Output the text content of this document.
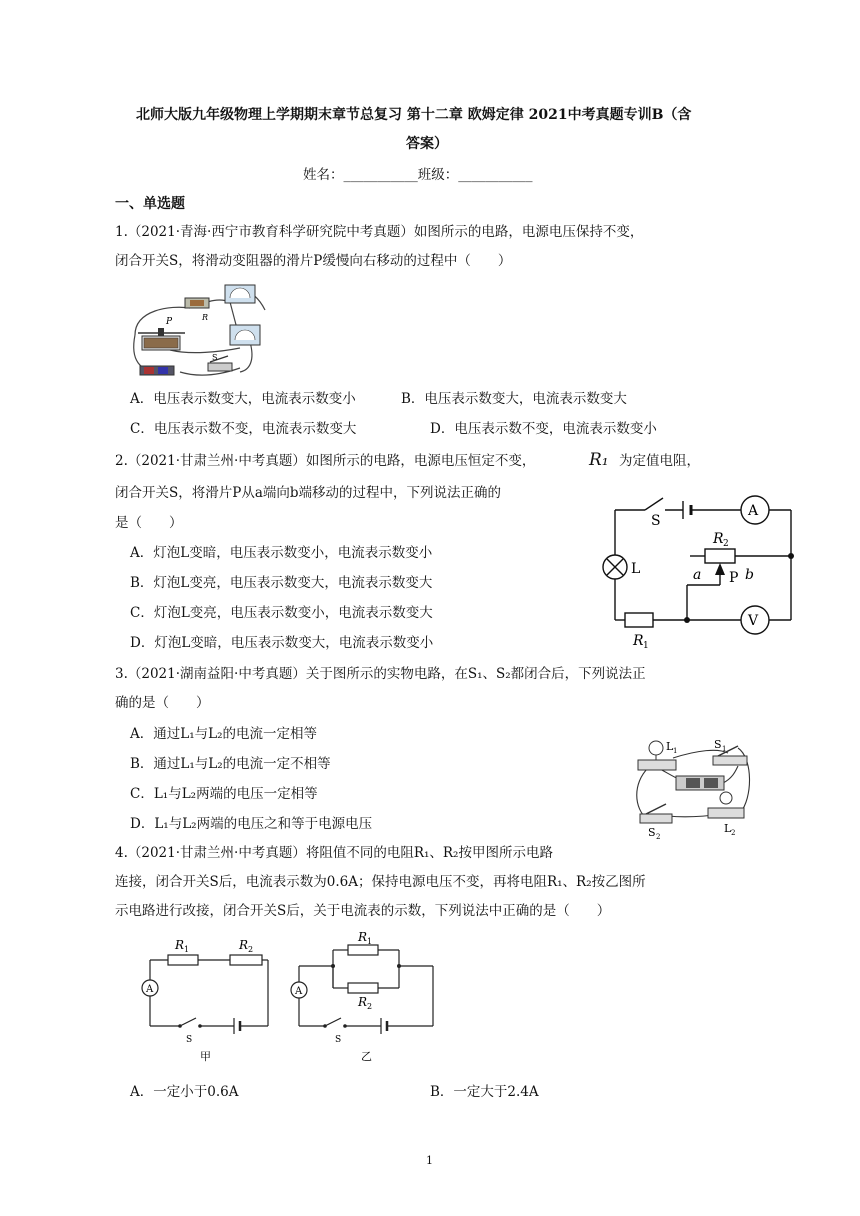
北师大版九年级物理上学期期末章节总复习 第十二章 欧姆定律 2021中考真题专训B（含
答案）
姓名：___________班级：___________
一、单选题
1.（2021·青海·西宁市教育科学研究院中考真题）如图所示的电路，电源电压保持不变，
闭合开关S，将滑动变阻器的滑片P缓慢向右移动的过程中（　　）
P	R
S
A．电压表示数变大，电流表示数变小	B．电压表示数变大，电流表示数变大
C．电压表示数不变，电流表示数变大	D．电压表示数不变，电流表示数变小
2.（2021·甘肃兰州·中考真题）如图所示的电路，电源电压恒定不变，	R₁ 为定值电阻，
闭合开关S，将滑片P从a端向b端移动的过程中，下列说法正确的
是（　　）	S
A
V
L
R 2
a P b
R 1
A．灯泡L变暗，电压表示数变小，电流表示数变小
B．灯泡L变亮，电压表示数变大，电流表示数变大
C．灯泡L变亮，电压表示数变小，电流表示数变大
D．灯泡L变暗，电压表示数变大，电流表示数变小
3.（2021·湖南益阳·中考真题）关于图所示的实物电路，在S₁、S₂都闭合后，下列说法正
确的是（　　）
L 1	S 1
S 2
L 2
A．通过L₁与L₂的电流一定相等
B．通过L₁与L₂的电流一定不相等
C．L₁与L₂两端的电压一定相等
D．L₁与L₂两端的电压之和等于电源电压
4.（2021·甘肃兰州·中考真题）将阻值不同的电阻R₁、R₂按甲图所示电路
连接，闭合开关S后，电流表示数为0.6A；保持电源电压不变，再将电阻R₁、R₂按乙图所
示电路进行改接，闭合开关S后，关于电流表的示数，下列说法中正确的是（　　）
R 1	R 2
A
S
甲
R 1
R 2
A
S
乙
A．一定小于0.6A	B．一定大于2.4A
1
